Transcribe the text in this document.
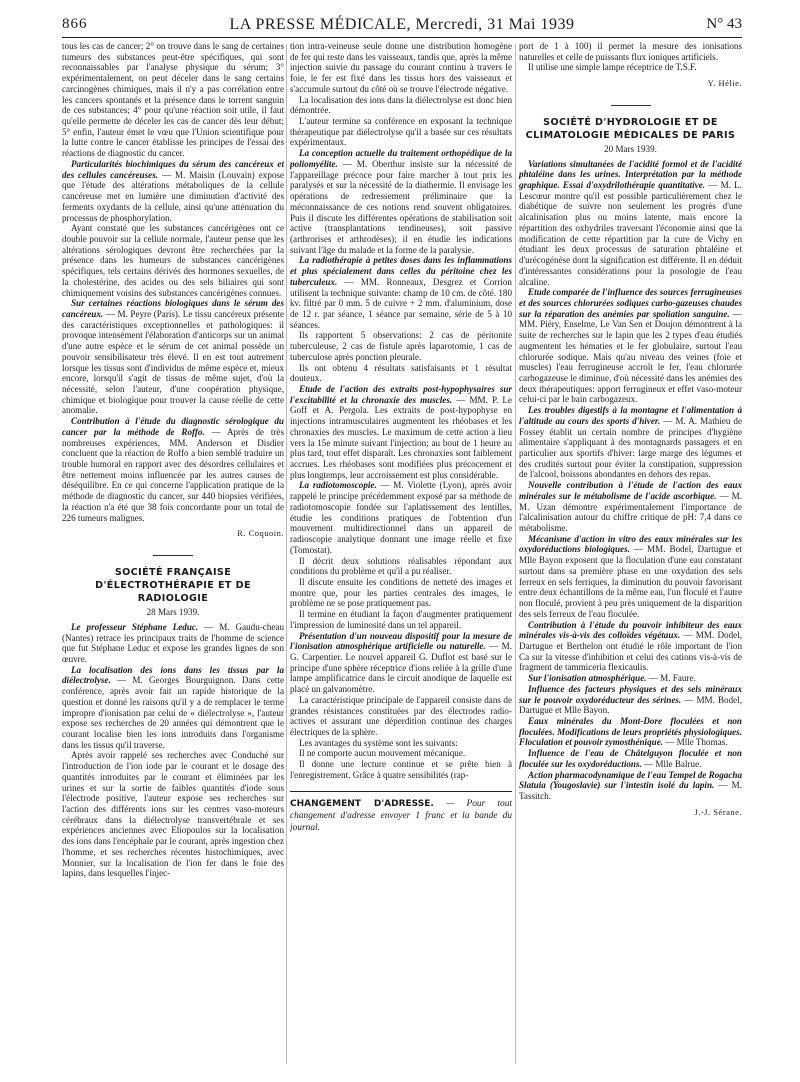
866	LA PRESSE MÉDICALE, Mercredi, 31 Mai 1939	N° 43

tous les cas de cancer; 2° on trouve dans le sang de certaines tumeurs des substances peut-être spécifiques, qui sont reconnaissables par l'analyse physique du sérum; 3° expérimentalement, on peut déceler dans le sang certains carcinogènes chimiques, mais il n'y a pas corrélation entre les cancers spontanés et la présence dans le torrent sanguin de ces substances; 4° pour qu'une réaction soit utile, il faut qu'elle permette de déceler les cas de cancer dès leur début; 5° enfin, l'auteur émet le vœu que l'Union scientifique pour la lutte contre le cancer établisse les principes de l'essai des réactions de diagnostic du cancer.

Particularités biochimiques du sérum des cancéreux et des cellules cancéreuses. — M. Maisin (Louvain) expose que l'étude des altérations métaboliques de la cellule cancéreuse met en lumière une diminution d'activité des ferments oxydants de la cellule, ainsi qu'une atténuation du processus de phosphorylation.

Ayant constaté que les substances cancérigènes ont ce double pouvoir sur la cellule normale, l'auteur pense que les altérations sérologiques devront être recherchées par la présence dans les humeurs de substances cancérigènes spécifiques, tels certains dérivés des hormones sexuelles, de la cholestérine, des acides ou des sels biliaires qui sont chimiquement voisins des substances cancérigènes connues.

Sur certaines réactions biologiques dans le sérum des cancéreux. — M. Peyre (Paris). Le tissu cancéreux présente des caractéristiques exceptionnelles et pathologiques: il provoque intensément l'élaboration d'anticorps sur un animal d'une autre espèce et le sérum de cet animal possède un pouvoir sensibilisateur très élevé. Il en est tout autrement lorsque les tissus sont d'individus de même espèce et, mieux encore, lorsqu'il s'agit de tissus de même sujet, d'où la nécessité, selon l'auteur, d'une coopération physique, chimique et biologique pour trouver la cause réelle de cette anomalie.

Contribution à l'étude du diagnostic sérologique du cancer par la méthode de Roffo. — Après de très nombreuses expériences, MM. Anderson et Disdier concluent que la réaction de Roffo a bien semblé traduire un trouble humoral en rapport avec des désordres cellulaires et être nettement moins influencée par les autres causes de déséquilibre. En ce qui concerne l'application pratique de la méthode de diagnostic du cancer, sur 440 biopsies vérifiées, la réaction n'a été que 38 fois concordante pour un total de 226 tumeurs malignes.

R. Coquoin.
SOCIÉTÉ FRANÇAISE D'ÉLECTROTHÉRAPIE ET DE RADIOLOGIE
28 Mars 1939.

Le professeur Stéphane Leduc. — M. Gaudu-cheau (Nantes) retrace les principaux traits de l'homme de science que fut Stéphane Leduc et expose les grandes lignes de son œuvre.

La localisation des ions dans les tissus par la diélectrolyse. — M. Georges Bourguignon. Dans cette conférence, après avoir fait un rapide historique de la question et donné les raisons qu'il y a de remplacer le terme impropre d'ionisation par celui de « diélectrolyse », l'auteur expose ses recherches de 20 années qui démontrent que le courant localise bien les ions introduits dans l'organisme dans les tissus qu'il traverse.

Après avoir rappelé ses recherches avec Conduché sur l'introduction de l'ion iode par le courant et le dosage des quantités introduites par le courant et éliminées par les urines et sur la sortie de faibles quantités d'iode sous l'électrode positive, l'auteur expose ses recherches sur l'action des différents ions sur les centres vaso-moteurs cérébraux dans la diélectrolyse transvertébrale et ses expériences anciennes avec Eliopoulos sur la localisation des ions dans l'encéphale par le courant, après ingestion chez l'homme, et ses recherches récentes histochimiques, avec Monnier, sur la localisation de l'ion fer dans le foie des lapins, dans lesquelles l'injec-

tion intra-veineuse seule donne une distribution homogène de fer qui reste dans les vaisseaux, tandis que, après la même injection suivie du passage du courant continu à travers le foie, le fer est fixé dans les tissus hors des vaisseaux et s'accumule surtout du côté où se trouve l'électrode négative.

La localisation des ions dans la diélectrolyse est donc bien démontrée.

L'auteur termine sa conférence en exposant la technique thérapeutique par diélectrolyse qu'il a basée sur ces résultats expérimentaux.

La conception actuelle du traitement orthopédique de la poliomyélite. — M. Oberthur insiste sur la nécessité de l'appareillage précoce pour faire marcher à tout prix les paralysés et sur la nécessité de la diathermie. Il envisage les opérations de redressement préliminaire que la méconnaissance de ces notions rend souvent obligatoires. Puis il discute les différentes opérations de stabilisation soit active (transplantations tendineuses), soit passive (arthrorises et arthrodèses); il en étudie les indications suivant l'âge du malade et la forme de la paralysie.

La radiothérapie à petites doses dans les inflammations et plus spécialement dans celles du péritoine chez les tuberculeux. — MM. Ronneaux, Desgrez et Corrion utilisent la technique suivante: champ de 10 cm. de côté. 180 kv. filtré par 0 mm. 5 de cuivre + 2 mm. d'aluminium, dose de 12 r. par séance, 1 séance par semaine, série de 5 à 10 séances.

Ils rapportent 5 observations: 2 cas de péritonite tuberculeuse, 2 cas de fistule après laparotomie, 1 cas de tuberculose après ponction pleurale.

Ils ont obtenu 4 résultats satisfaisants et 1 résultat douteux.

Etude de l'action des extraits post-hypophysaires sur l'excitabilité et la chronaxie des muscles. — MM. P. Le Goff et A. Pergola. Les extraits de post-hypophyse en injections intramusculaires augmentent les rhéobases et les chronaxies des muscles. Le maximum de cette action a lieu vers la 15e minute suivant l'injection; au bout de 1 heure au plus tard, tout effet disparaît. Les chronaxies sont faiblement accrues. Les rhéobases sont modifiées plus précocement et plus longtemps, leur accroissement est plus considérable.

La radiotomoscopie. — M. Violette (Lyon), après avoir rappelé le principe précédemment exposé par sa méthode de radiotomoscopie fondée sur l'aplatissement des lentilles, étudie les conditions pratiques de l'obtention d'un mouvement multidirectionnel dans un appareil de radioscopie analytique donnant une image réelle et fixe (Tomostat).

Il décrit deux solutions réalisables répondant aux conditions du problème et qu'il a pu réaliser.

Il discute ensuite les conditions de netteté des images et montre que, pour les parties centrales des images, le problème ne se pose pratiquement pas.

Il termine en étudiant la façon d'augmenter pratiquement l'impression de luminosité dans un tel appareil.

Présentation d'un nouveau dispositif pour la mesure de l'ionisation atmosphérique artificielle ou naturelle. — M. G. Carpentier. Le nouvel appareil G. Duflot est basé sur le principe d'une sphère réceptrice d'ions reliée à la grille d'une lampe amplificatrice dans le circuit anodique de laquelle est placé un galvanomètre.

La caractéristique principale de l'appareil consiste dans de grandes résistances constituées par des électrodes radio-actives et assurant une déperdition continue des charges électriques de la sphère.

Les avantages du système sont les suivants:

Il ne comporte aucun mouvement mécanique.

Il donne une lecture continue et se prête bien à l'enregistrement. Grâce à quatre sensibilités (rap-

CHANGEMENT D'ADRESSE. — Pour tout changement d'adresse envoyer 1 franc et la bande du journal.

port de 1 à 100) il permet la mesure des ionisations naturelles et celle de puissants flux ioniques artificiels.

Il utilise une simple lampe réceptrice de T.S.F.

Y. Hélie.
SOCIÉTÉ D'HYDROLOGIE ET DE CLIMATOLOGIE MÉDICALES DE PARIS
20 Mars 1939.

Variations simultanées de l'acidité formol et de l'acidité phtaléine dans les urines. Interprétation par la méthode graphique. Essai d'oxydrilothérapie quantitative. — M. L. Lescœur montre qu'il est possible particulièrement chez le diabétique de suivre non seulement les progrès d'une alcalinisation plus ou moins latente, mais encore la répartition des oxhydriles traversant l'économie ainsi que la modification de cette répartition par la cure de Vichy en étudiant les deux processus de saturation phtaléine et d'urécogénèse dont la signification est différente. Il en déduit d'intéressantes considérations pour la posologie de l'eau alcaline.

Etude comparée de l'influence des sources ferrugineuses et des sources chlorurées sodiques carbo-gazeuses chaudes sur la réparation des anémies par spoliation sanguine. — MM. Piéry, Enselme, Le Van Sen et Doujon démontrent à la suite de recherches sur le lapin que les 2 types d'eau étudiés augmentent les hématies et le fer globulaire, surtout l'eau chlorurée sodique. Mais qu'au niveau des veines (foie et muscles) l'eau ferrugineuse accroît le fer, l'eau chlorurée carbogazeuse le diminue, d'où nécessité dans les anémies des deux thérapeutiques: apport ferrugineux et effet vaso-moteur celui-ci par le bain carbogazeux.

Les troubles digestifs à la montagne et l'alimentation à l'altitude au cours des sports d'hiver. — M. A. Mathieu de Fossey établit un certain nombre de principes d'hygiène alimentaire s'appliquant à des montagnards passagers et en particulier aux sportifs d'hiver: large marge des légumes et des crudités surtout pour éviter la constipation, suppression de l'alcool, boissons abondantes en dehors des repas.

Nouvelle contribution à l'étude de l'action des eaux minérales sur le métabolisme de l'acide ascorbique. — M. M. Uzan démontre expérimentalement l'importance de l'alcalinisation autour du chiffre critique de pH: 7,4 dans ce métabolisme.

Mécanisme d'action in vitro des eaux minérales sur les oxydoréductions biologiques. — MM. Bodel, Dartugue et Mlle Bayon exposent que la floculation d'une eau constatant surtout dans sa première phase en une oxydation des sels ferreux en sels ferriques, la diminution du pouvoir favorisant entre deux échantillons de la même eau, l'un floculé et l'autre non floculé, provient à peu près uniquement de la disparition des sels ferreux de l'eau floculée.

Contribution à l'étude du pouvoir inhibiteur des eaux minérales vis-à-vis des colloïdes végétaux. — MM. Dodel, Dartugue et Berthelon ont étudié le rôle important de l'ion Ca sur la vitesse d'inhibition et celui des cations vis-à-vis de fragment de tammiceria flexicaulis.

Sur l'ionisation atmosphérique. — M. Faure.

Influence des facteurs physiques et des sels minéraux sur le pouvoir oxydoréducteur des sérines. — MM. Bodel, Dartugue et Mlle Bayon.

Eaux minérales du Mont-Dore floculées et non floculées. Modifications de leurs propriétés physiologiques. Floculation et pouvoir zymosthénique. — Mlle Thomas.

Influence de l'eau de Châtelguyon floculée et non floculée sur les oxydoréductions. — Mlle Balrue.

Action pharmacodynamique de l'eau Tempel de Rogacha Slatuia (Yougoslavie) sur l'intestin isolé du lapin. — M. Tassitch.

J.-J. Sérane.
